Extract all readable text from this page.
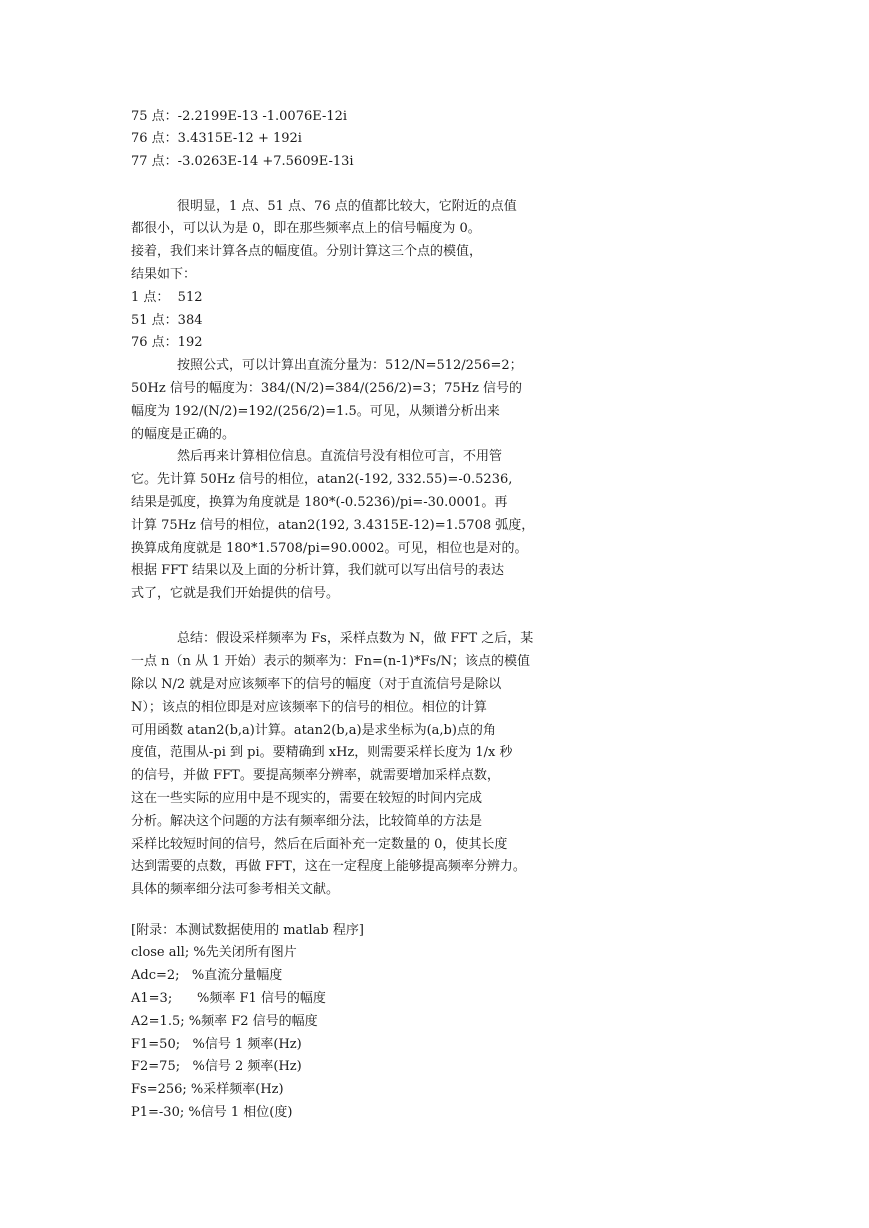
75 点：-2.2199E-13 -1.0076E-12i

76 点：3.4315E-12 + 192i

77 点：-3.0263E-14 +7.5609E-13i

很明显，1 点、51 点、76 点的值都比较大，它附近的点值

都很小，可以认为是 0，即在那些频率点上的信号幅度为 0。

接着，我们来计算各点的幅度值。分别计算这三个点的模值，

结果如下：

1 点：  512

51 点：384

76 点：192

按照公式，可以计算出直流分量为：512/N=512/256=2；

50Hz 信号的幅度为：384/(N/2)=384/(256/2)=3；75Hz 信号的

幅度为 192/(N/2)=192/(256/2)=1.5。可见，从频谱分析出来

的幅度是正确的。

然后再来计算相位信息。直流信号没有相位可言，不用管

它。先计算 50Hz 信号的相位，atan2(-192, 332.55)=-0.5236,

结果是弧度，换算为角度就是 180*(-0.5236)/pi=-30.0001。再

计算 75Hz 信号的相位，atan2(192, 3.4315E-12)=1.5708 弧度，

换算成角度就是 180*1.5708/pi=90.0002。可见，相位也是对的。

根据 FFT 结果以及上面的分析计算，我们就可以写出信号的表达

式了，它就是我们开始提供的信号。

总结：假设采样频率为 Fs，采样点数为 N，做 FFT 之后，某

一点 n（n 从 1 开始）表示的频率为：Fn=(n-1)*Fs/N；该点的模值

除以 N/2 就是对应该频率下的信号的幅度（对于直流信号是除以

N）；该点的相位即是对应该频率下的信号的相位。相位的计算

可用函数 atan2(b,a)计算。atan2(b,a)是求坐标为(a,b)点的角

度值，范围从-pi 到 pi。要精确到 xHz，则需要采样长度为 1/x 秒

的信号，并做 FFT。要提高频率分辨率，就需要增加采样点数，

这在一些实际的应用中是不现实的，需要在较短的时间内完成

分析。解决这个问题的方法有频率细分法，比较简单的方法是

采样比较短时间的信号，然后在后面补充一定数量的 0，使其长度

达到需要的点数，再做 FFT，这在一定程度上能够提高频率分辨力。

具体的频率细分法可参考相关文献。

[附录：本测试数据使用的 matlab 程序]

close all; %先关闭所有图片

Adc=2;   %直流分量幅度

A1=3;      %频率 F1 信号的幅度

A2=1.5; %频率 F2 信号的幅度

F1=50;   %信号 1 频率(Hz)

F2=75;   %信号 2 频率(Hz)

Fs=256; %采样频率(Hz)

P1=-30; %信号 1 相位(度)
